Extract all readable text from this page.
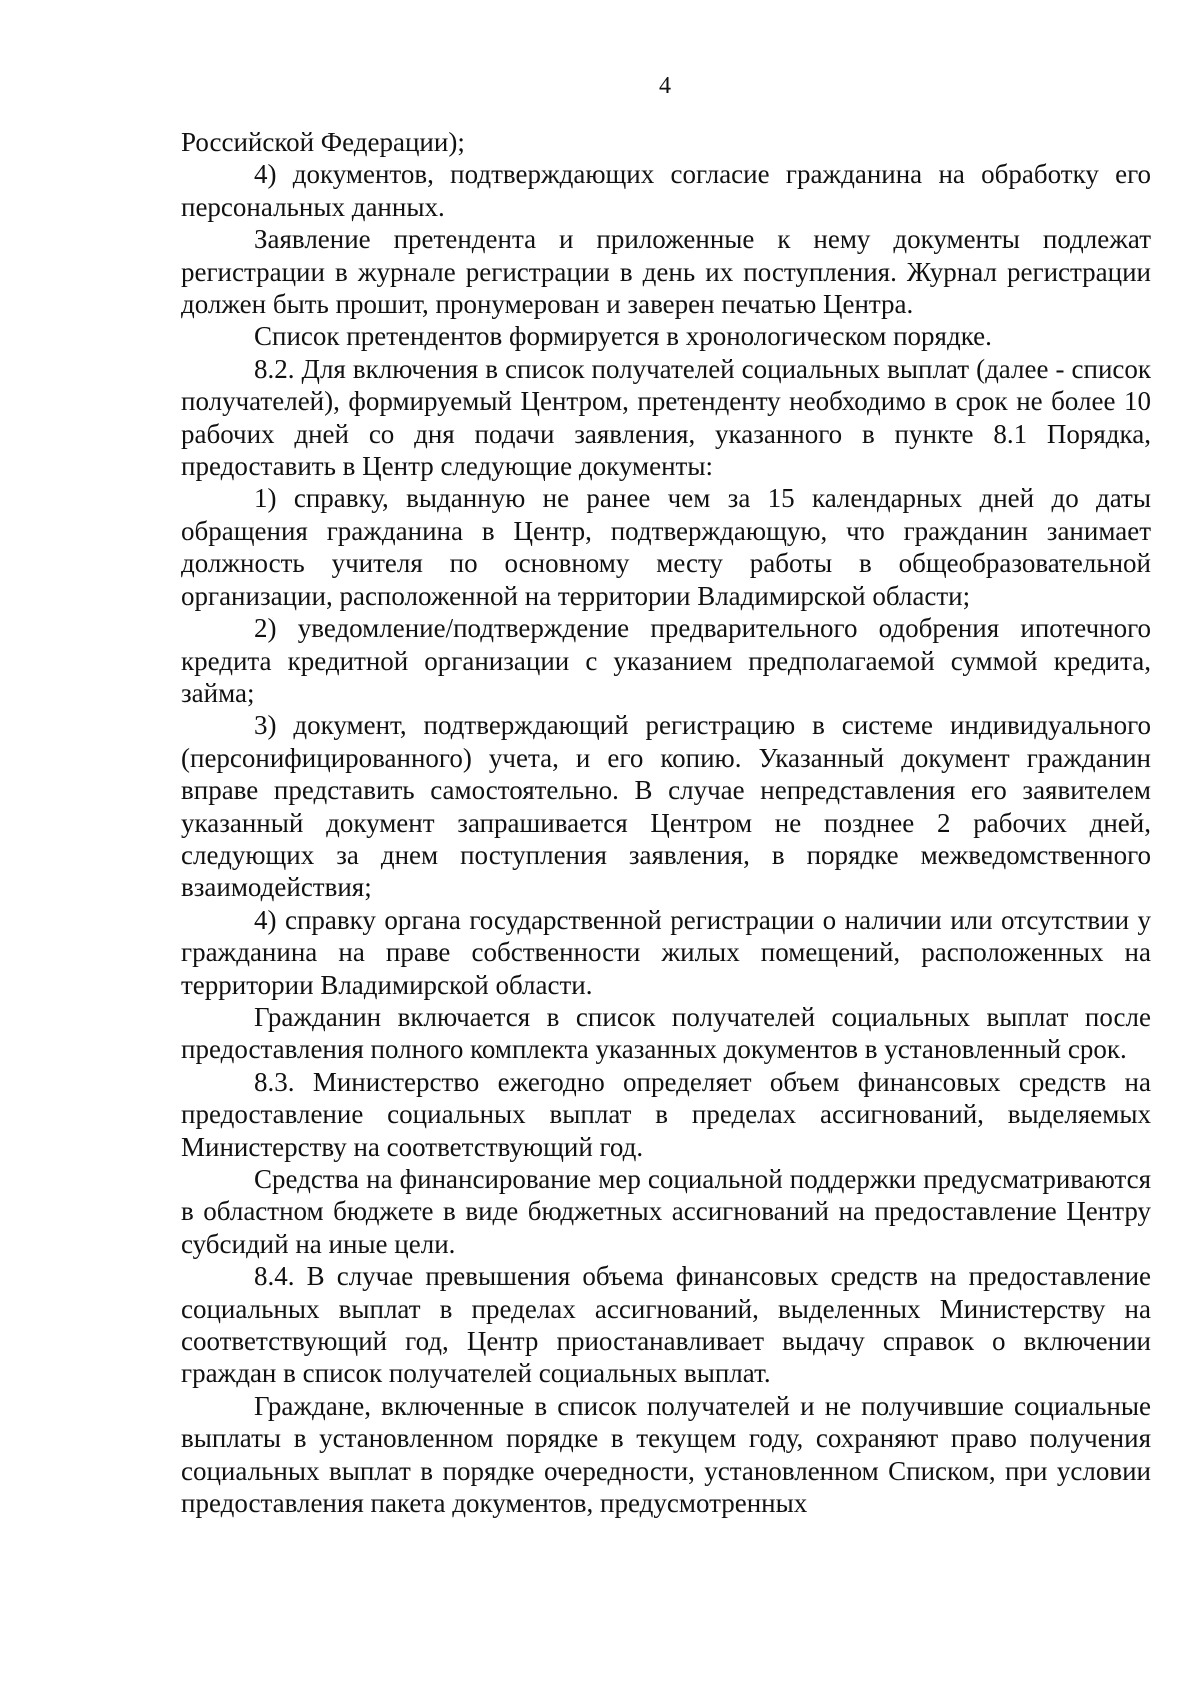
4

Российской Федерации);

4) документов, подтверждающих согласие гражданина на обработку его персональных данных.

Заявление претендента и приложенные к нему документы подлежат регистрации в журнале регистрации в день их поступления. Журнал регистрации должен быть прошит, пронумерован и заверен печатью Центра.

Список претендентов формируется в хронологическом порядке.

8.2. Для включения в список получателей социальных выплат (далее - список получателей), формируемый Центром, претенденту необходимо в срок не более 10 рабочих дней со дня подачи заявления, указанного в пункте 8.1 Порядка, предоставить в Центр следующие документы:

1) справку, выданную не ранее чем за 15 календарных дней до даты обращения гражданина в Центр, подтверждающую, что гражданин занимает должность учителя по основному месту работы в общеобразовательной организации, расположенной на территории Владимирской области;

2) уведомление/подтверждение предварительного одобрения ипотечного кредита кредитной организации с указанием предполагаемой суммой кредита, займа;

3) документ, подтверждающий регистрацию в системе индивидуального (персонифицированного) учета, и его копию. Указанный документ гражданин вправе представить самостоятельно. В случае непредставления его заявителем указанный документ запрашивается Центром не позднее 2 рабочих дней, следующих за днем поступления заявления, в порядке межведомственного взаимодействия;

4) справку органа государственной регистрации о наличии или отсутствии у гражданина на праве собственности жилых помещений, расположенных на территории Владимирской области.

Гражданин включается в список получателей социальных выплат после предоставления полного комплекта указанных документов в установленный срок.

8.3. Министерство ежегодно определяет объем финансовых средств на предоставление социальных выплат в пределах ассигнований, выделяемых Министерству на соответствующий год.

Средства на финансирование мер социальной поддержки предусматриваются в областном бюджете в виде бюджетных ассигнований на предоставление Центру субсидий на иные цели.

8.4. В случае превышения объема финансовых средств на предоставление социальных выплат в пределах ассигнований, выделенных Министерству на соответствующий год, Центр приостанавливает выдачу справок о включении граждан в список получателей социальных выплат.

Граждане, включенные в список получателей и не получившие социальные выплаты в установленном порядке в текущем году, сохраняют право получения социальных выплат в порядке очередности, установленном Списком, при условии предоставления пакета документов, предусмотренных
